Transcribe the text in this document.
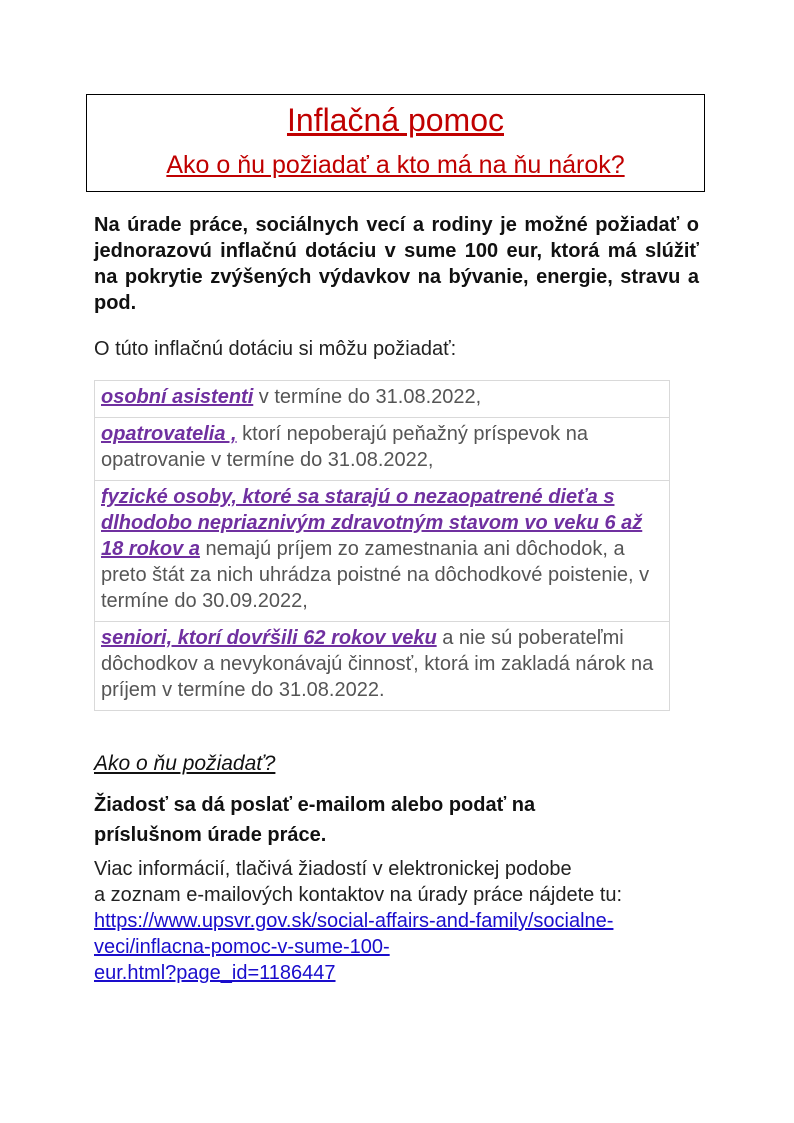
Inflačná pomoc
Ako o ňu požiadať a kto má na ňu nárok?
Na úrade práce, sociálnych vecí a rodiny je možné požiadať o jednorazovú inflačnú dotáciu v sume 100 eur, ktorá má slúžiť na pokrytie zvýšených výdavkov na bývanie, energie, stravu a pod.
O túto inflačnú dotáciu si môžu požiadať:
osobní asistenti v termíne do 31.08.2022,
opatrovatelia , ktorí nepoberajú peňažný príspevok na opatrovanie v termíne do 31.08.2022,
fyzické osoby, ktoré sa starajú o nezaopatrené dieťa s dlhodobo nepriaznivým zdravotným stavom vo veku 6 až 18 rokov a nemajú príjem zo zamestnania ani dôchodok, a preto štát za nich uhrádza poistné na dôchodkové poistenie, v termíne do 30.09.2022,
seniori, ktorí dovŕšili 62 rokov veku a nie sú poberateľmi dôchodkov a nevykonávajú činnosť, ktorá im zakladá nárok na príjem v termíne do 31.08.2022.
Ako o ňu požiadať?
Žiadosť sa dá poslať e-mailom alebo podať na príslušnom úrade práce.
Viac informácií, tlačivá žiadostí v elektronickej podobe
a zoznam e-mailových kontaktov na úrady práce nájdete tu:
https://www.upsvr.gov.sk/social-affairs-and-family/socialne-
veci/inflacna-pomoc-v-sume-100-
eur.html?page_id=1186447
